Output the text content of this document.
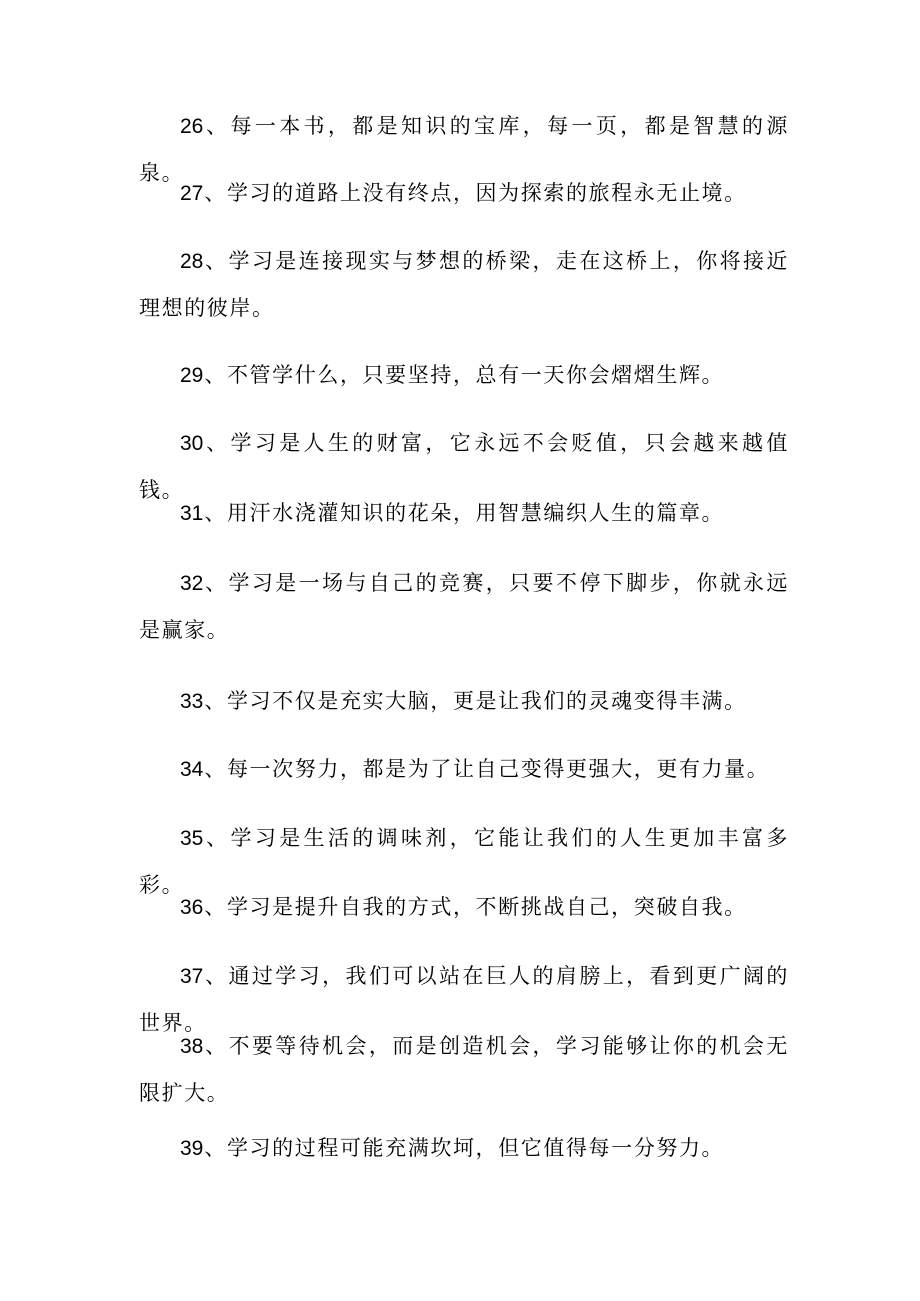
26、每一本书，都是知识的宝库，每一页，都是智慧的源泉。

27、学习的道路上没有终点，因为探索的旅程永无止境。

28、学习是连接现实与梦想的桥梁，走在这桥上，你将接近理想的彼岸。

29、不管学什么，只要坚持，总有一天你会熠熠生辉。

30、学习是人生的财富，它永远不会贬值，只会越来越值钱。

31、用汗水浇灌知识的花朵，用智慧编织人生的篇章。

32、学习是一场与自己的竞赛，只要不停下脚步，你就永远是赢家。

33、学习不仅是充实大脑，更是让我们的灵魂变得丰满。

34、每一次努力，都是为了让自己变得更强大，更有力量。

35、学习是生活的调味剂，它能让我们的人生更加丰富多彩。

36、学习是提升自我的方式，不断挑战自己，突破自我。

37、通过学习，我们可以站在巨人的肩膀上，看到更广阔的世界。

38、不要等待机会，而是创造机会，学习能够让你的机会无限扩大。

39、学习的过程可能充满坎坷，但它值得每一分努力。
